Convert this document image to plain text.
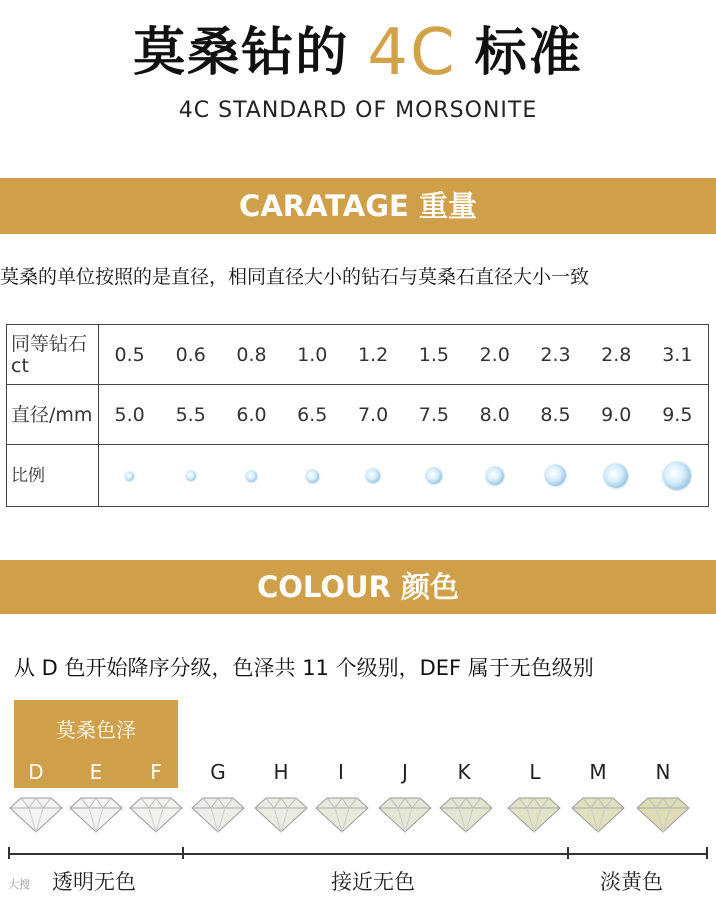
莫桑钻的 4C 标准
4C STANDARD OF MORSONITE
CARATAGE 重量
莫桑的单位按照的是直径，相同直径大小的钻石与莫桑石直径大小一致
同等钻石 ct	0.5	0.6	0.8	1.0	1.2	1.5	2.0	2.3	2.8	3.1
直径/mm	5.0	5.5	6.0	6.5	7.0	7.5	8.0	8.5	9.0	9.5
比例										
COLOUR 颜色
从 D 色开始降序分级，色泽共 11 个级别，DEF 属于无色级别
莫桑色泽
D	E	F	G	H	I	J	K	L	M	N
透明无色	接近无色	淡黄色
大搜
